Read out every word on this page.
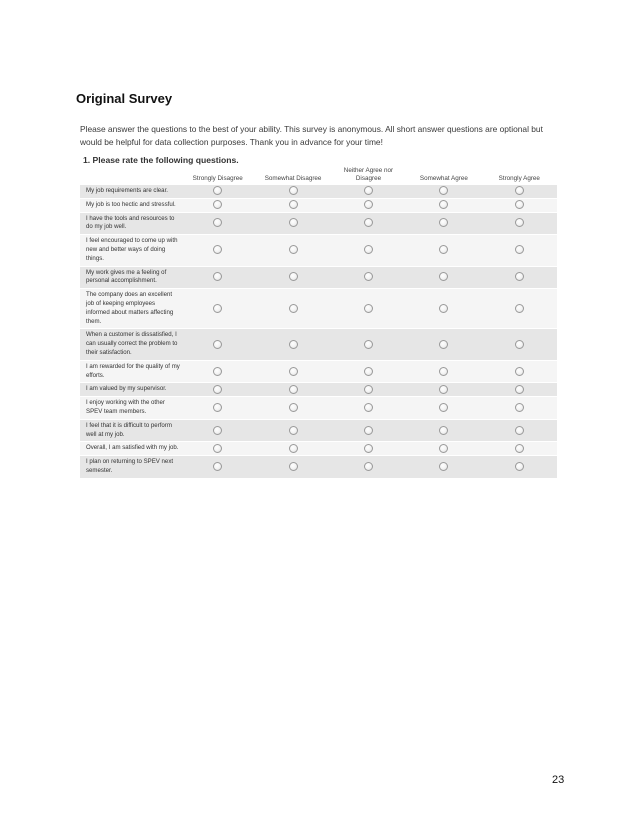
Original Survey

Please answer the questions to the best of your ability. This survey is anonymous. All short answer questions are optional but would be helpful for data collection purposes. Thank you in advance for your time!

1. Please rate the following questions.
	Strongly Disagree	Somewhat Disagree	Neither Agree nor Disagree	Somewhat Agree	Strongly Agree
My job requirements are clear.					
My job is too hectic and stressful.					
I have the tools and resources to do my job well.					
I feel encouraged to come up with new and better ways of doing things.					
My work gives me a feeling of personal accomplishment.					
The company does an excellent job of keeping employees informed about matters affecting them.					
When a customer is dissatisfied, I can usually correct the problem to their satisfaction.					
I am rewarded for the quality of my efforts.					
I am valued by my supervisor.					
I enjoy working with the other SPEV team members.					
I feel that it is difficult to perform well at my job.					
Overall, I am satisfied with my job.					
I plan on returning to SPEV next semester.					
23
